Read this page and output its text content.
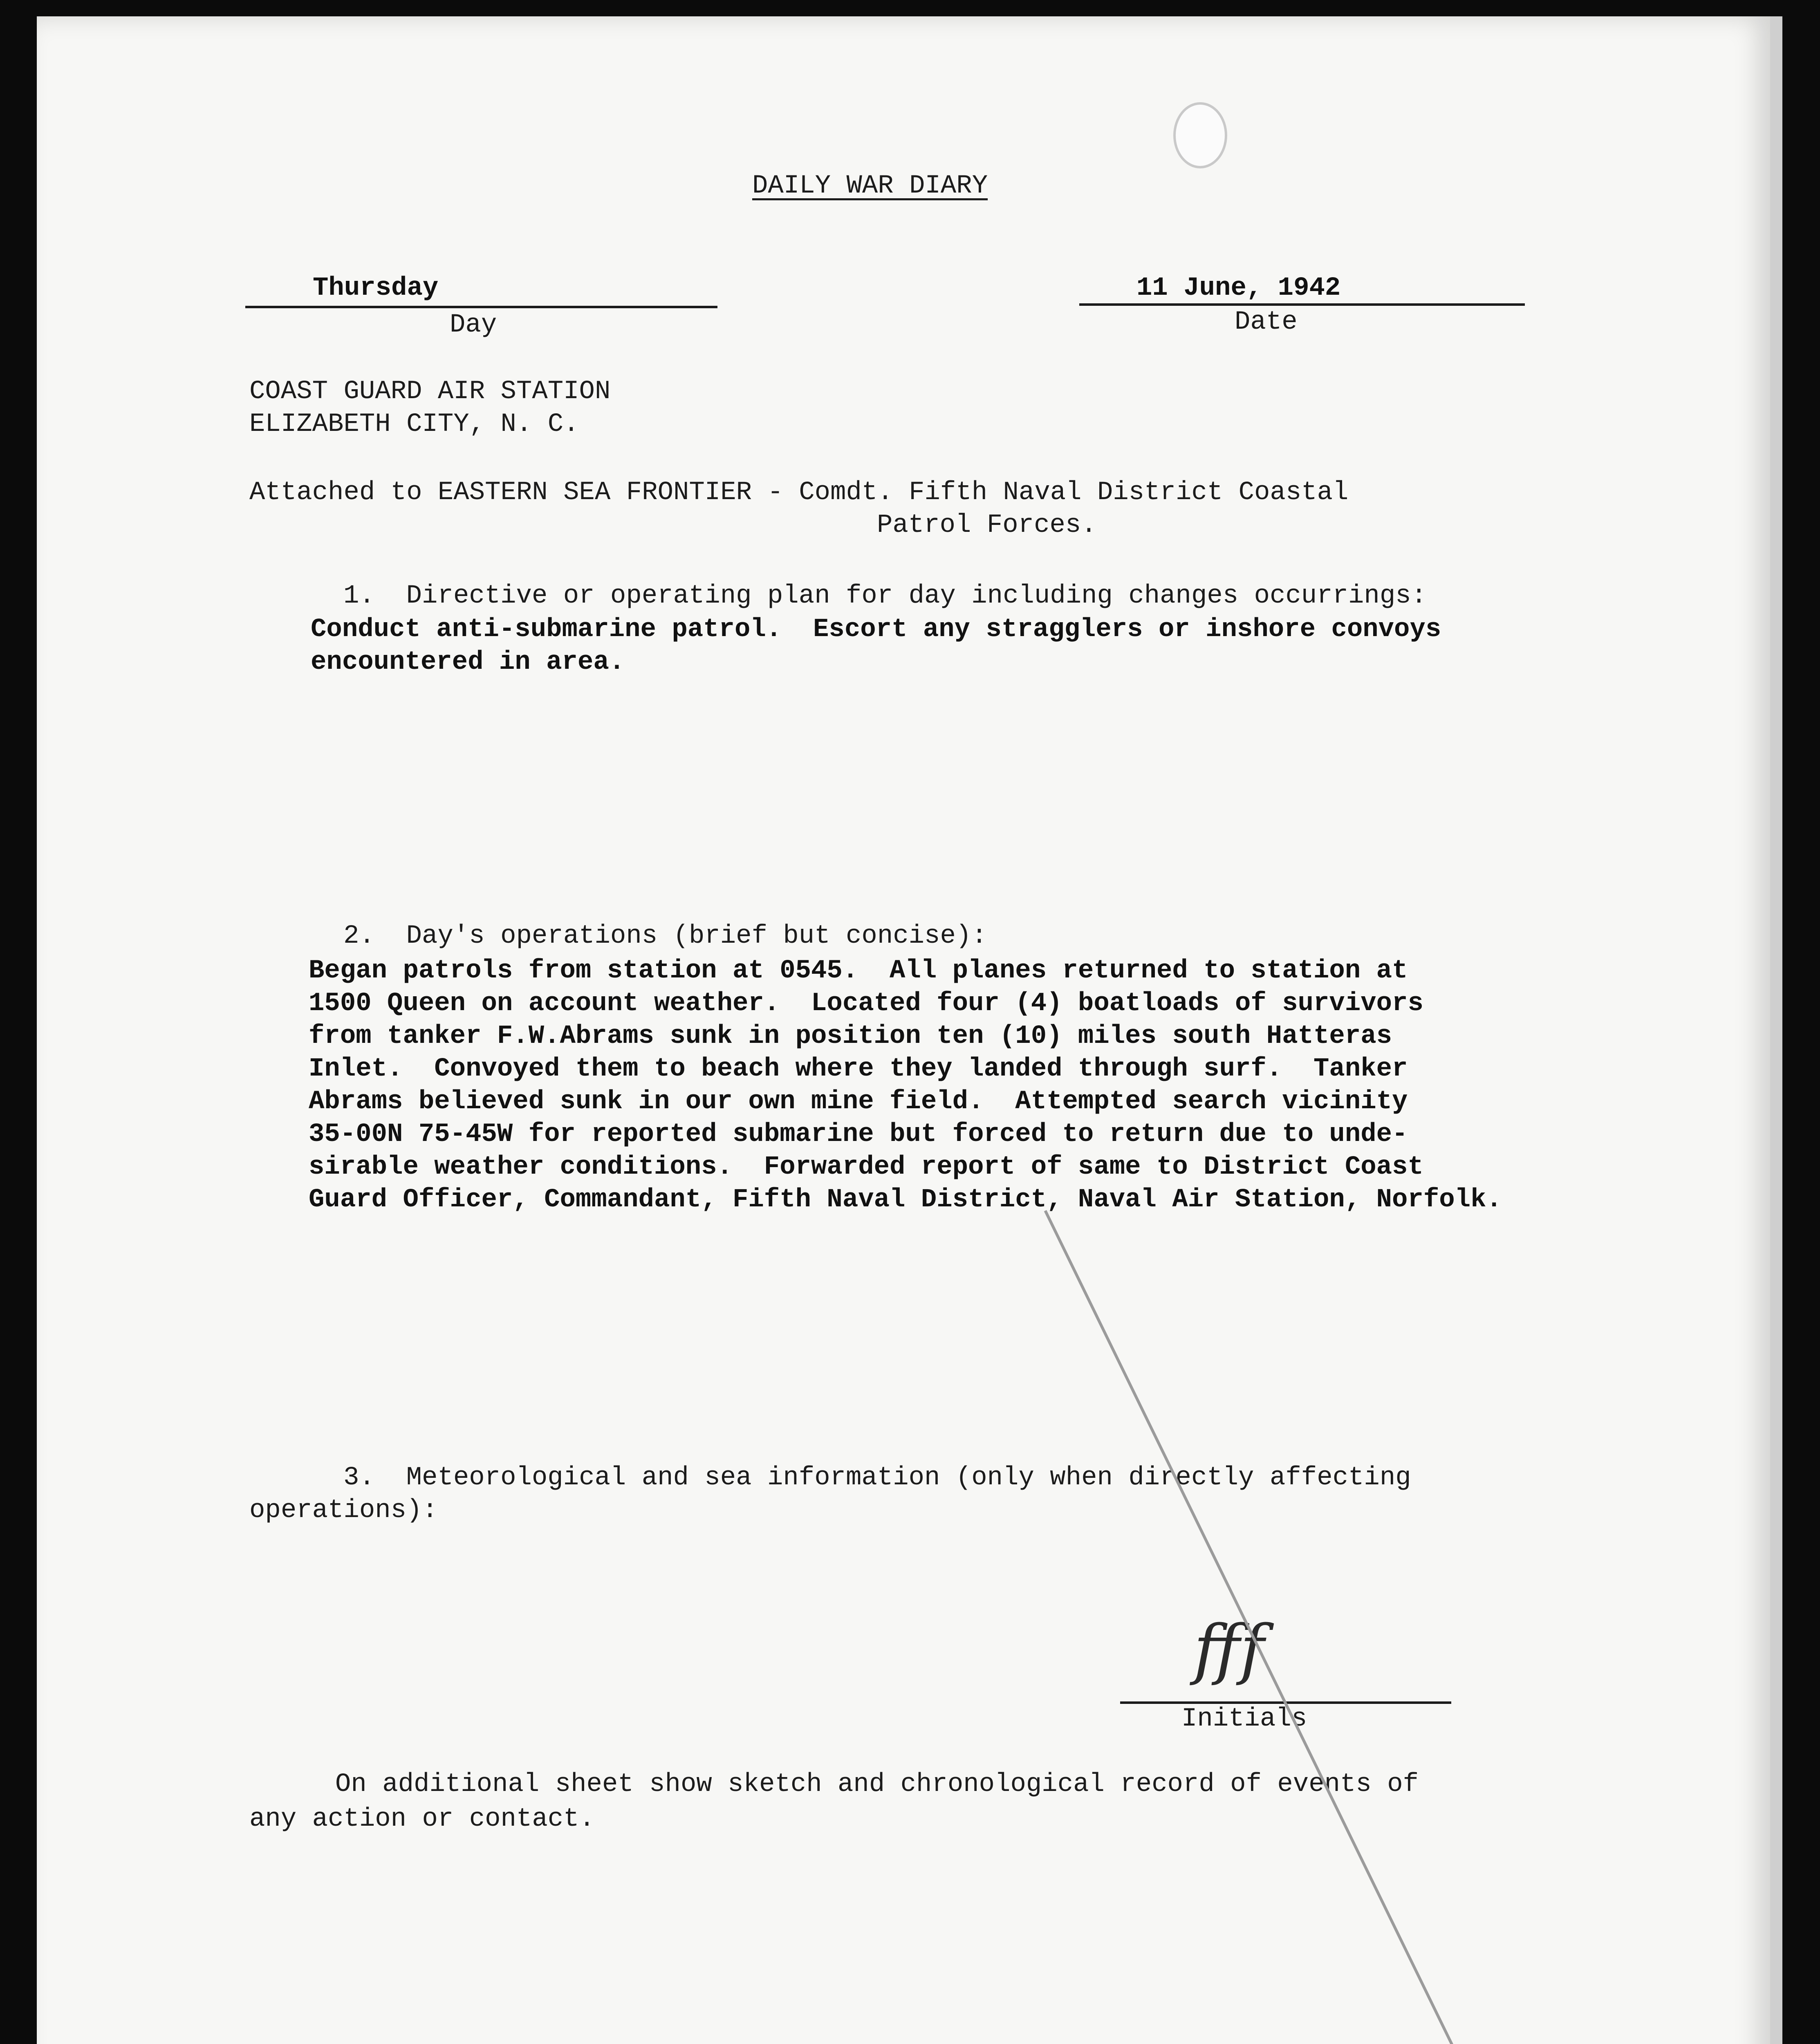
DAILY WAR DIARY
Thursday
Day
11 June, 1942
Date
COAST GUARD AIR STATION
ELIZABETH CITY, N. C.
Attached to EASTERN SEA FRONTIER - Comdt. Fifth Naval District Coastal
Patrol Forces.
1.  Directive or operating plan for day including changes occurrings:
Conduct anti-submarine patrol.  Escort any stragglers or inshore convoys
encountered in area.
2.  Day's operations (brief but concise):
Began patrols from station at 0545.  All planes returned to station at
1500 Queen on account weather.  Located four (4) boatloads of survivors
from tanker F.W.Abrams sunk in position ten (10) miles south Hatteras
Inlet.  Convoyed them to beach where they landed through surf.  Tanker
Abrams believed sunk in our own mine field.  Attempted search vicinity
35-00N 75-45W for reported submarine but forced to return due to unde-
sirable weather conditions.  Forwarded report of same to District Coast
Guard Officer, Commandant, Fifth Naval District, Naval Air Station, Norfolk.
3.  Meteorological and sea information (only when directly affecting
operations):
fff
Initials
On additional sheet show sketch and chronological record of events of
any action or contact.
